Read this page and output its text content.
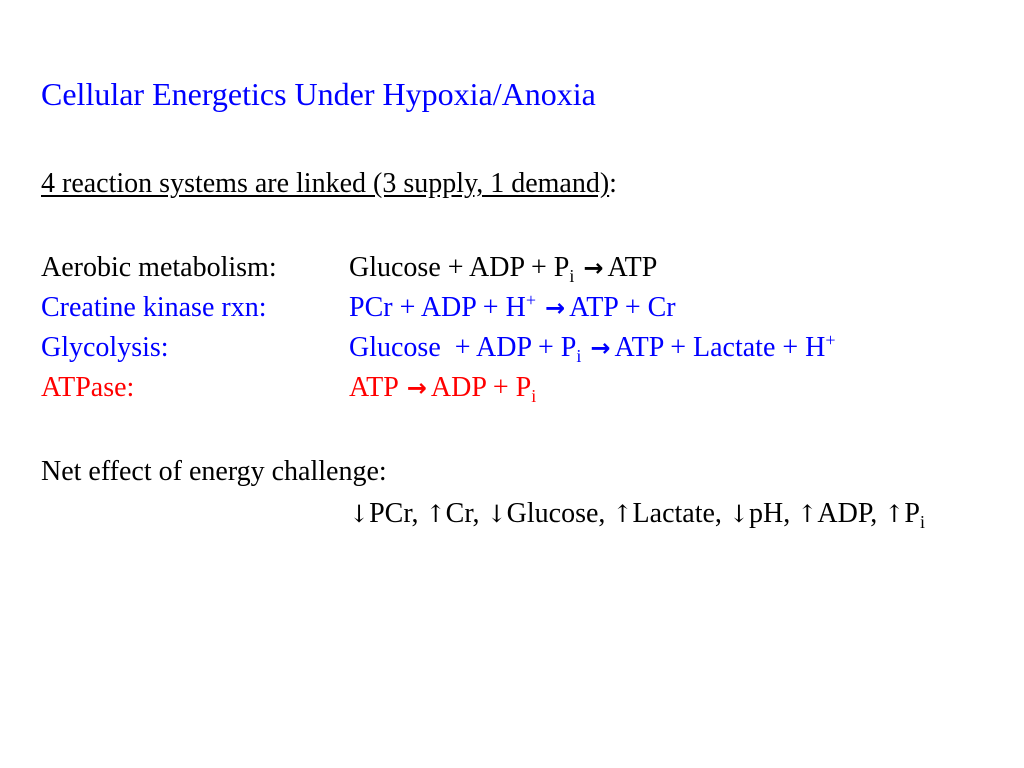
Cellular Energetics Under Hypoxia/Anoxia
4 reaction systems are linked (3 supply, 1 demand):
Aerobic metabolism:	Glucose + ADP + $P_i$ → ATP
Creatine kinase rxn:	PCr + ADP + H+ → ATP + Cr
Glycolysis:	Glucose  + ADP + $P_i$ → ATP + Lactate + H+
ATPase:	ATP → ADP + $P_i$
Net effect of energy challenge:
↓PCr, ↑Cr, ↓Glucose, ↑Lactate, ↓pH, ↑ADP, $↑P_i$
